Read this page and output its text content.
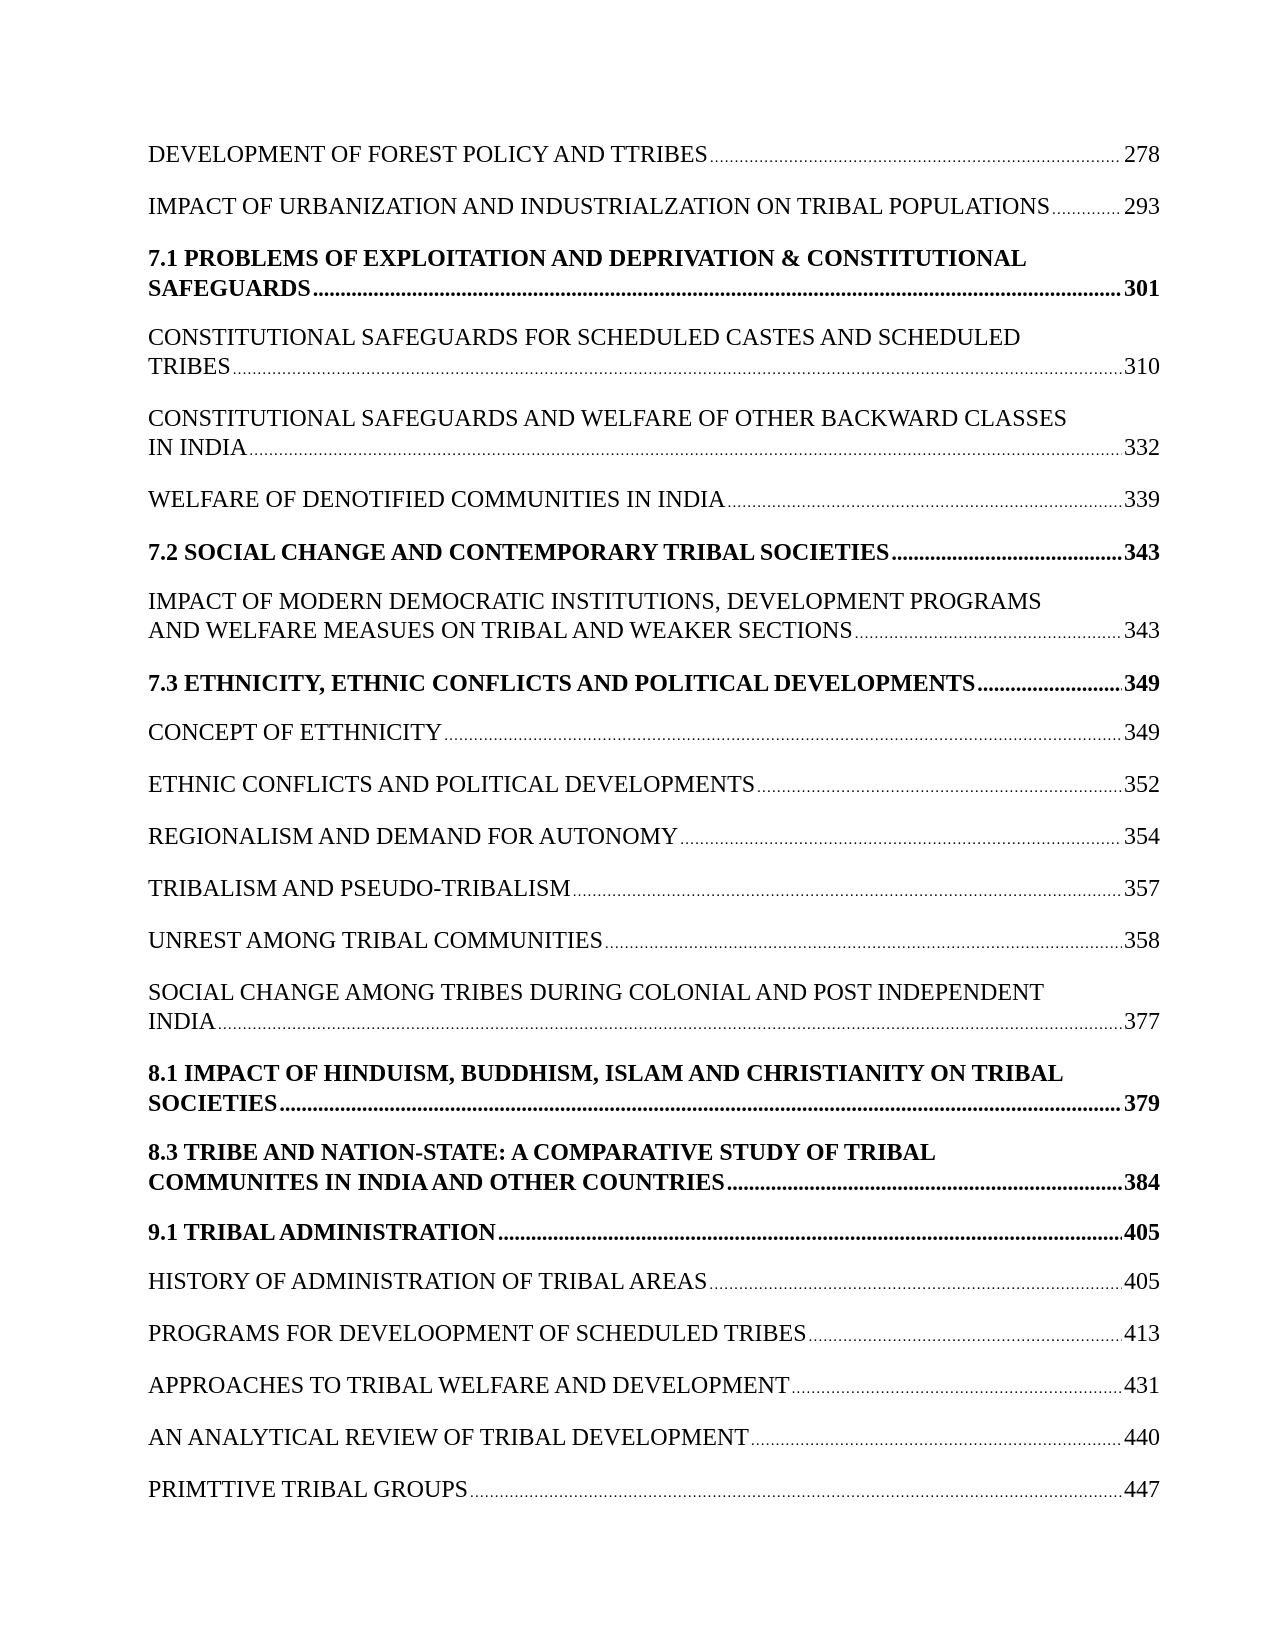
DEVELOPMENT OF FOREST POLICY AND TTRIBES .....	278
IMPACT OF URBANIZATION AND INDUSTRIALZATION ON TRIBAL POPULATIONS .....	293
7.1 PROBLEMS OF EXPLOITATION AND DEPRIVATION & CONSTITUTIONAL
SAFEGUARDS .....	301
CONSTITUTIONAL SAFEGUARDS FOR SCHEDULED CASTES AND SCHEDULED
TRIBES .....	310
CONSTITUTIONAL SAFEGUARDS AND WELFARE OF OTHER BACKWARD CLASSES
IN INDIA .....	332
WELFARE OF DENOTIFIED COMMUNITIES IN INDIA .....	339
7.2 SOCIAL CHANGE AND CONTEMPORARY TRIBAL SOCIETIES .....	343
IMPACT OF MODERN DEMOCRATIC INSTITUTIONS, DEVELOPMENT PROGRAMS
AND WELFARE MEASUES ON TRIBAL AND WEAKER SECTIONS .....	343
7.3 ETHNICITY, ETHNIC CONFLICTS AND POLITICAL DEVELOPMENTS .....	349
CONCEPT OF ETTHNICITY .....	349
ETHNIC CONFLICTS AND POLITICAL DEVELOPMENTS .....	352
REGIONALISM AND DEMAND FOR AUTONOMY .....	354
TRIBALISM AND PSEUDO-TRIBALISM .....	357
UNREST AMONG TRIBAL COMMUNITIES .....	358
SOCIAL CHANGE AMONG TRIBES DURING COLONIAL AND POST INDEPENDENT
INDIA .....	377
8.1 IMPACT OF HINDUISM, BUDDHISM, ISLAM AND CHRISTIANITY ON TRIBAL
SOCIETIES .....	379
8.3 TRIBE AND NATION-STATE: A COMPARATIVE STUDY OF TRIBAL
COMMUNITES IN INDIA AND OTHER COUNTRIES .....	384
9.1 TRIBAL ADMINISTRATION .....	405
HISTORY OF ADMINISTRATION OF TRIBAL AREAS .....	405
PROGRAMS FOR DEVELOOPMENT OF SCHEDULED TRIBES .....	413
APPROACHES TO TRIBAL WELFARE AND DEVELOPMENT .....	431
AN ANALYTICAL REVIEW OF TRIBAL DEVELOPMENT .....	440
PRIMTTIVE TRIBAL GROUPS .....	447
